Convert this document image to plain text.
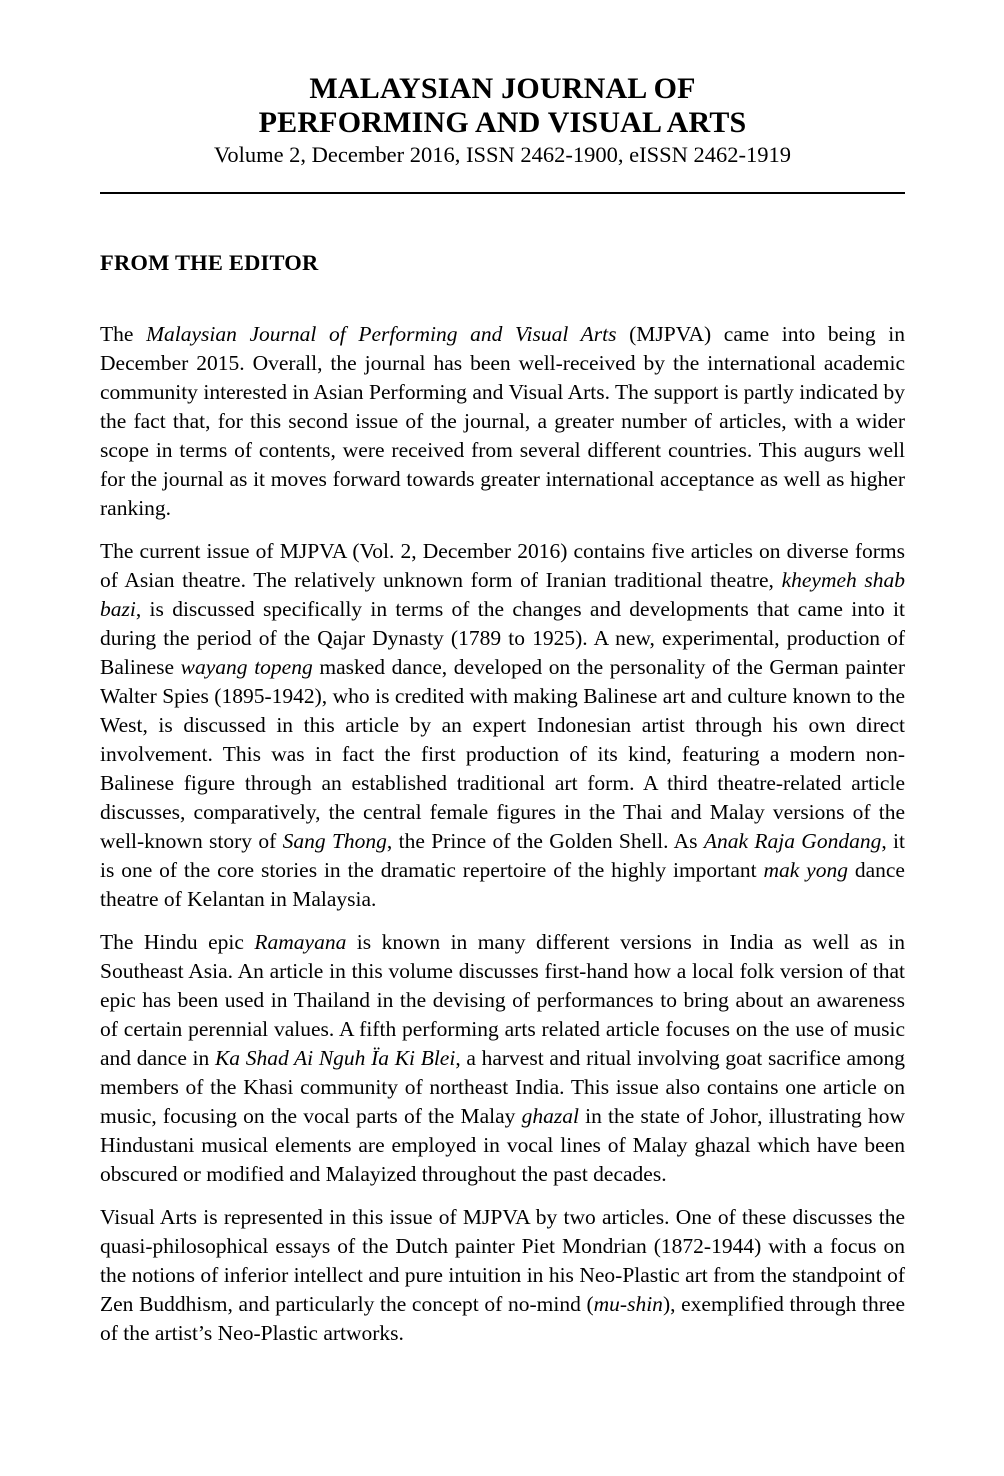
MALAYSIAN JOURNAL OF
PERFORMING AND VISUAL ARTS
Volume 2, December 2016, ISSN 2462-1900, eISSN 2462-1919
FROM THE EDITOR

The Malaysian Journal of Performing and Visual Arts (MJPVA) came into being in December 2015. Overall, the journal has been well-received by the international academic community interested in Asian Performing and Visual Arts. The support is partly indicated by the fact that, for this second issue of the journal, a greater number of articles, with a wider scope in terms of contents, were received from several different countries. This augurs well for the journal as it moves forward towards greater international acceptance as well as higher ranking.

The current issue of MJPVA (Vol. 2, December 2016) contains five articles on diverse forms of Asian theatre. The relatively unknown form of Iranian traditional theatre, kheymeh shab bazi, is discussed specifically in terms of the changes and developments that came into it during the period of the Qajar Dynasty (1789 to 1925). A new, experimental, production of Balinese wayang topeng masked dance, developed on the personality of the German painter Walter Spies (1895-1942), who is credited with making Balinese art and culture known to the West, is discussed in this article by an expert Indonesian artist through his own direct involvement. This was in fact the first production of its kind, featuring a modern non-Balinese figure through an established traditional art form. A third theatre-related article discusses, comparatively, the central female figures in the Thai and Malay versions of the well-known story of Sang Thong, the Prince of the Golden Shell. As Anak Raja Gondang, it is one of the core stories in the dramatic repertoire of the highly important mak yong dance theatre of Kelantan in Malaysia.

The Hindu epic Ramayana is known in many different versions in India as well as in Southeast Asia. An article in this volume discusses first-hand how a local folk version of that epic has been used in Thailand in the devising of performances to bring about an awareness of certain perennial values. A fifth performing arts related article focuses on the use of music and dance in Ka Shad Ai Nguh Ïa Ki Blei, a harvest and ritual involving goat sacrifice among members of the Khasi community of northeast India. This issue also contains one article on music, focusing on the vocal parts of the Malay ghazal in the state of Johor, illustrating how Hindustani musical elements are employed in vocal lines of Malay ghazal which have been obscured or modified and Malayized throughout the past decades.

Visual Arts is represented in this issue of MJPVA by two articles. One of these discusses the quasi-philosophical essays of the Dutch painter Piet Mondrian (1872-1944) with a focus on the notions of inferior intellect and pure intuition in his Neo-Plastic art from the standpoint of Zen Buddhism, and particularly the concept of no-mind (mu-shin), exemplified through three of the artist’s Neo-Plastic artworks.
